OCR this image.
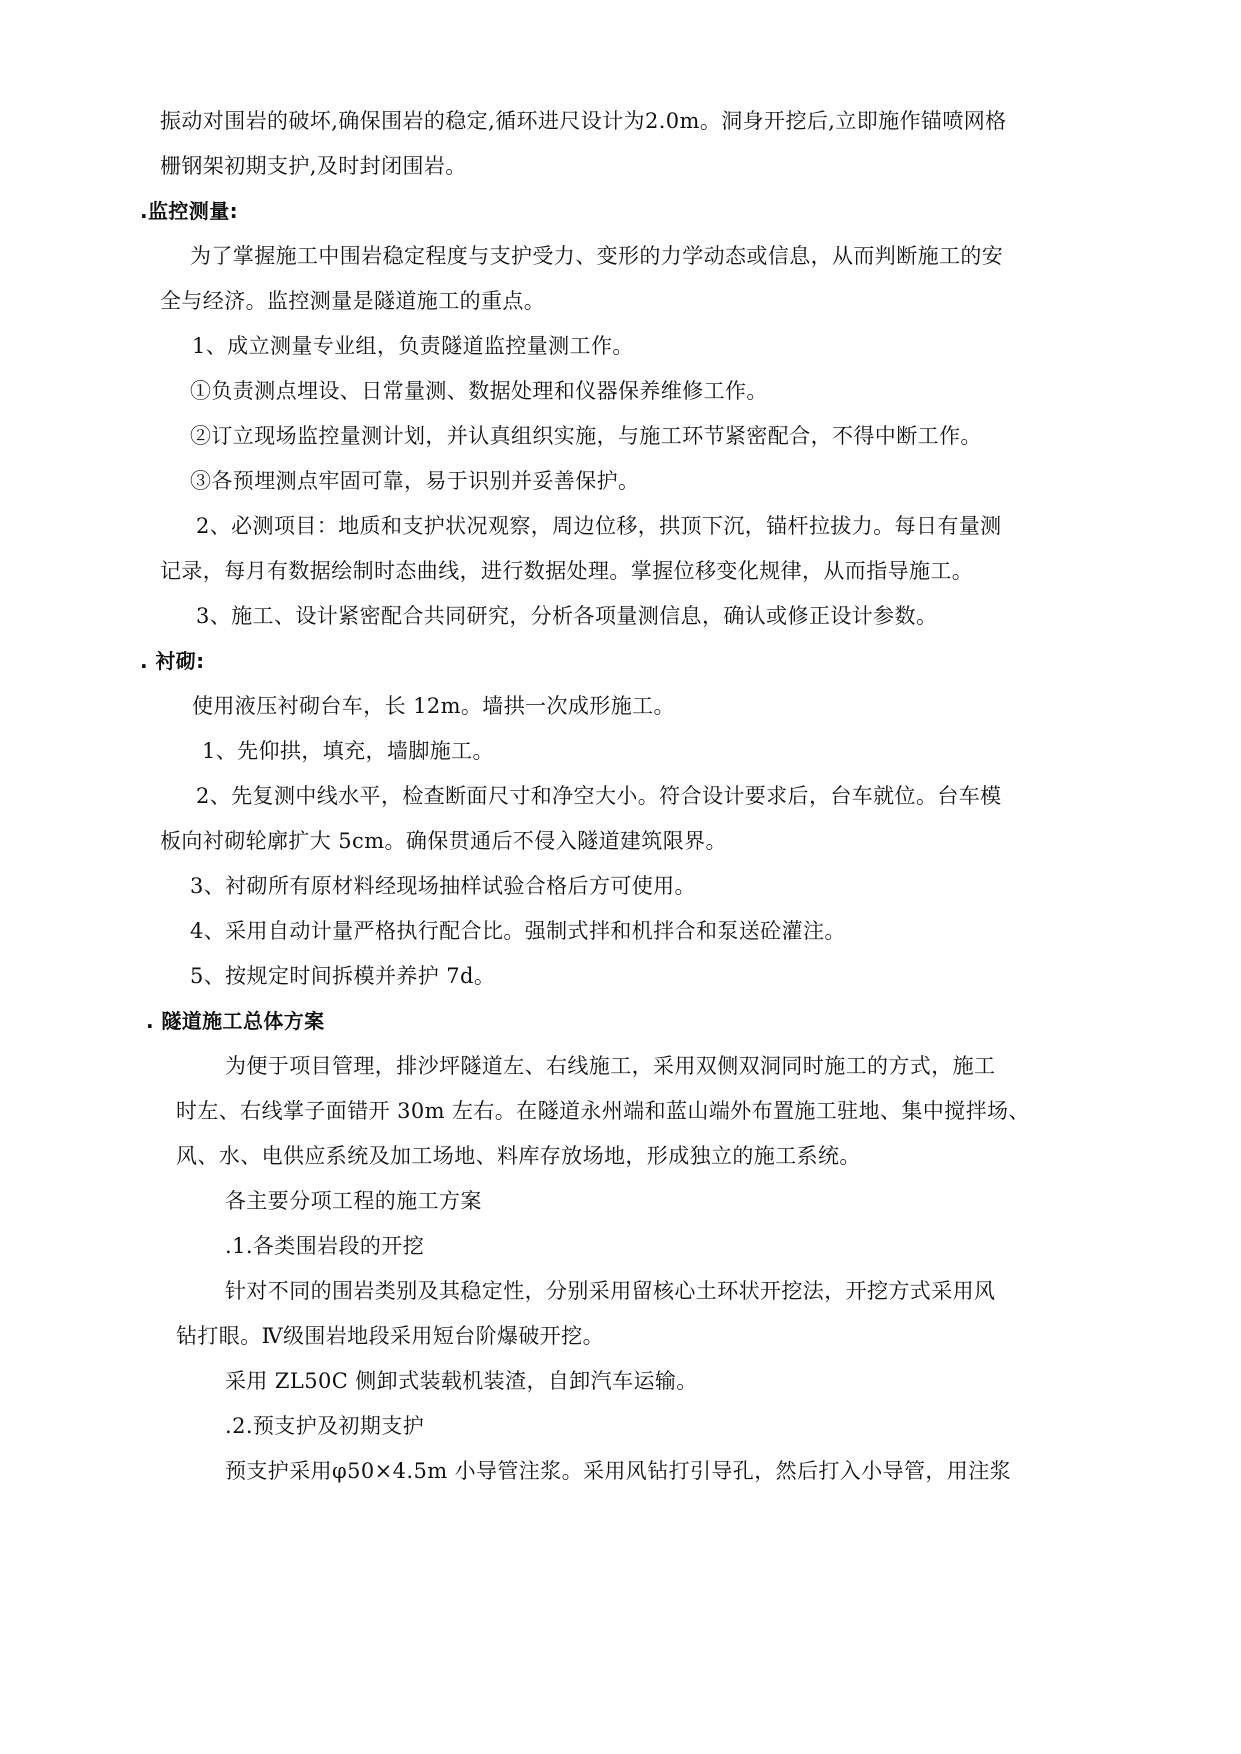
振动对围岩的破坏,确保围岩的稳定,循环进尺设计为2.0m。洞身开挖后,立即施作锚喷网格

栅钢架初期支护,及时封闭围岩。

.监控测量:

为了掌握施工中围岩稳定程度与支护受力、变形的力学动态或信息，从而判断施工的安

全与经济。监控测量是隧道施工的重点。

1、成立测量专业组，负责隧道监控量测工作。

①负责测点埋设、日常量测、数据处理和仪器保养维修工作。

②订立现场监控量测计划，并认真组织实施，与施工环节紧密配合，不得中断工作。

③各预埋测点牢固可靠，易于识别并妥善保护。

2、必测项目：地质和支护状况观察，周边位移，拱顶下沉，锚杆拉拔力。每日有量测

记录，每月有数据绘制时态曲线，进行数据处理。掌握位移变化规律，从而指导施工。

3、施工、设计紧密配合共同研究，分析各项量测信息，确认或修正设计参数。

. 衬砌:

使用液压衬砌台车，长 12m。墙拱一次成形施工。

1、先仰拱，填充，墙脚施工。

2、先复测中线水平，检查断面尺寸和净空大小。符合设计要求后，台车就位。台车模

板向衬砌轮廓扩大 5cm。确保贯通后不侵入隧道建筑限界。

3、衬砌所有原材料经现场抽样试验合格后方可使用。

4、采用自动计量严格执行配合比。强制式拌和机拌合和泵送砼灌注。

5、按规定时间拆模并养护 7d。

. 隧道施工总体方案

为便于项目管理，排沙坪隧道左、右线施工，采用双侧双洞同时施工的方式，施工

时左、右线掌子面错开 30m 左右。在隧道永州端和蓝山端外布置施工驻地、集中搅拌场、

风、水、电供应系统及加工场地、料库存放场地，形成独立的施工系统。

各主要分项工程的施工方案

.1.各类围岩段的开挖

针对不同的围岩类别及其稳定性，分别采用留核心土环状开挖法，开挖方式采用风

钻打眼。Ⅳ级围岩地段采用短台阶爆破开挖。

采用 ZL50C 侧卸式装载机装渣，自卸汽车运输。

.2.预支护及初期支护

预支护采用φ50×4.5m 小导管注浆。采用风钻打引导孔，然后打入小导管，用注浆
